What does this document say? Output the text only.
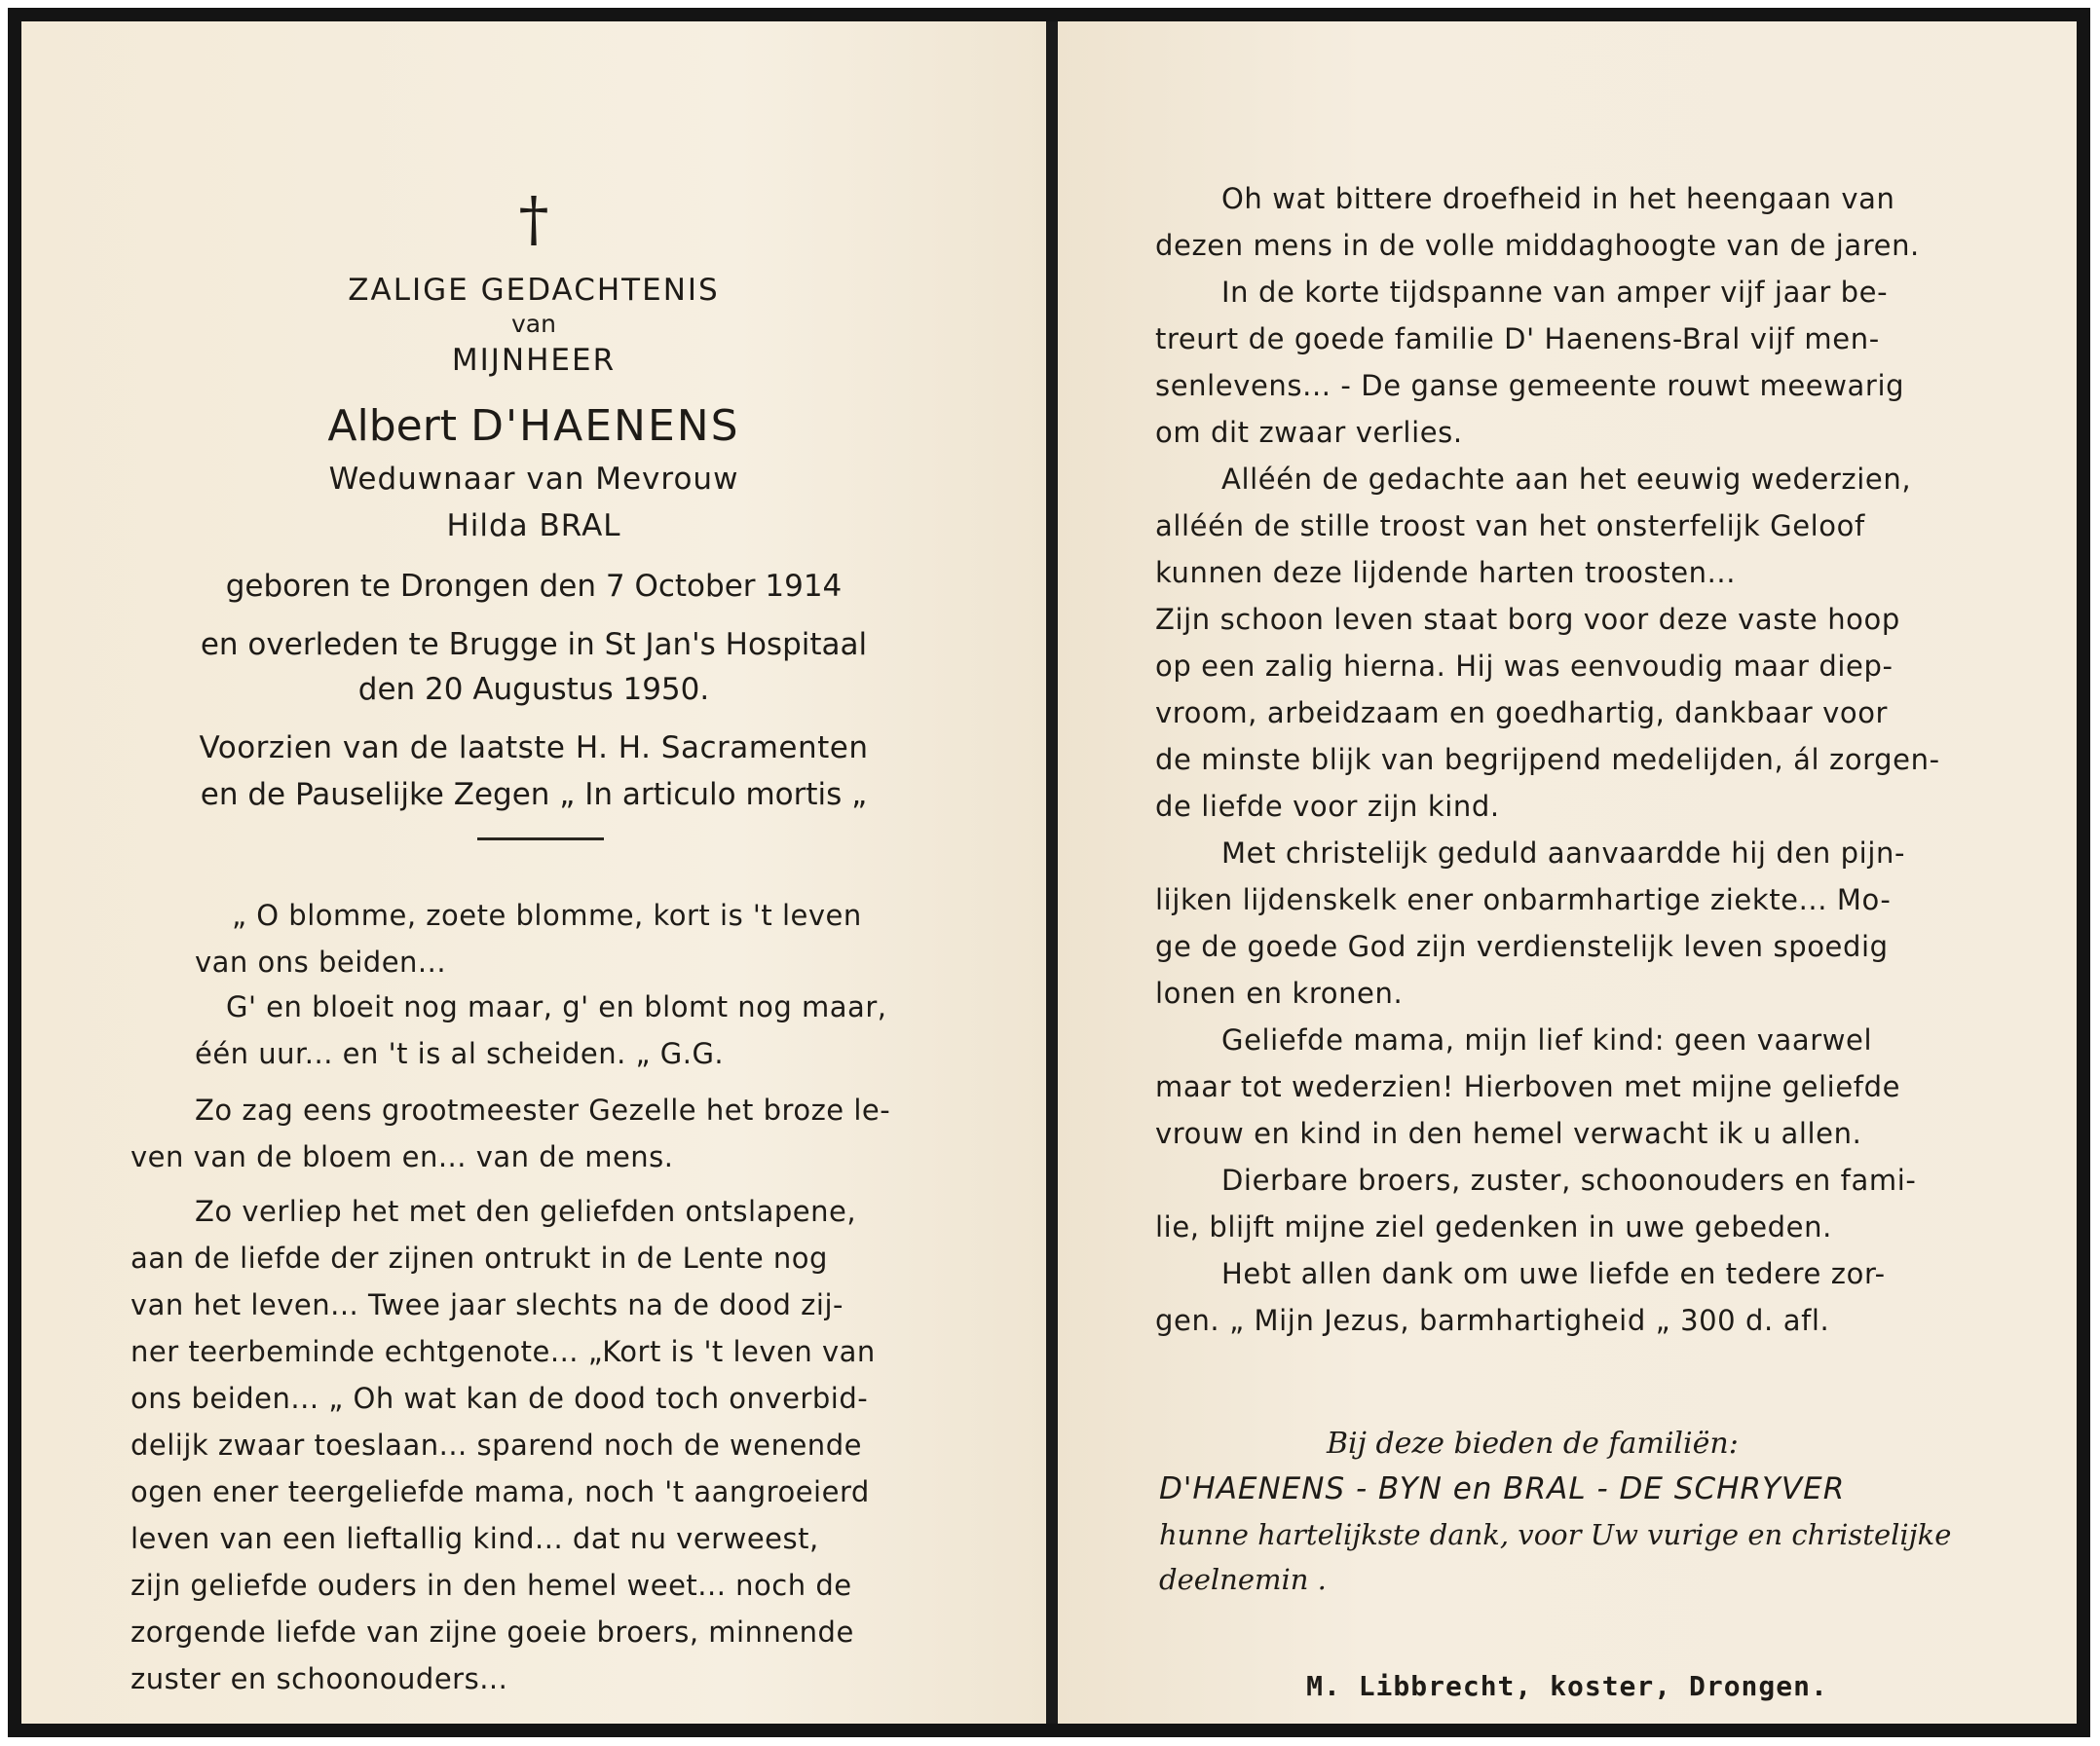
†
ZALIGE GEDACHTENIS
van
MIJNHEER
Albert D'HAENENS
Weduwnaar van Mevrouw
Hilda BRAL
geboren te Drongen den 7 October 1914
en overleden te Brugge in St Jan's Hospitaal
den 20 Augustus 1950.
Voorzien van de laatste H. H. Sacramenten
en de Pauselijke Zegen „ In articulo mortis „
„ O blomme, zoete blomme, kort is 't leven
van ons beiden...
G' en bloeit nog maar, g' en blomt nog maar,
één uur... en 't is al scheiden. „ G.G.
Zo zag eens grootmeester Gezelle het broze le-
ven van de bloem en... van de mens.
Zo verliep het met den geliefden ontslapene,
aan de liefde der zijnen ontrukt in de Lente nog
van het leven... Twee jaar slechts na de dood zij-
ner teerbeminde echtgenote... „Kort is 't leven van
ons beiden... „ Oh wat kan de dood toch onverbid-
delijk zwaar toeslaan... sparend noch de wenende
ogen ener teergeliefde mama, noch 't aangroeierd
leven van een lieftallig kind... dat nu verweest,
zijn geliefde ouders in den hemel weet... noch de
zorgende liefde van zijne goeie broers, minnende
zuster en schoonouders...
Oh wat bittere droefheid in het heengaan van
dezen mens in de volle middaghoogte van de jaren.
In de korte tijdspanne van amper vijf jaar be-
treurt de goede familie D' Haenens-Bral vijf men-
senlevens... - De ganse gemeente rouwt meewarig
om dit zwaar verlies.
Alléén de gedachte aan het eeuwig wederzien,
alléén de stille troost van het onsterfelijk Geloof
kunnen deze lijdende harten troosten...
Zijn schoon leven staat borg voor deze vaste hoop
op een zalig hierna. Hij was eenvoudig maar diep-
vroom, arbeidzaam en goedhartig, dankbaar voor
de minste blijk van begrijpend medelijden, ál zorgen-
de liefde voor zijn kind.
Met christelijk geduld aanvaardde hij den pijn-
lijken lijdenskelk ener onbarmhartige ziekte... Mo-
ge de goede God zijn verdienstelijk leven spoedig
lonen en kronen.
Geliefde mama, mijn lief kind: geen vaarwel
maar tot wederzien! Hierboven met mijne geliefde
vrouw en kind in den hemel verwacht ik u allen.
Dierbare broers, zuster, schoonouders en fami-
lie, blijft mijne ziel gedenken in uwe gebeden.
Hebt allen dank om uwe liefde en tedere zor-
gen. „ Mijn Jezus, barmhartigheid „ 300 d. afl.
Bij deze bieden de familiën:
D'HAENENS - BYN en BRAL - DE SCHRYVER
hunne hartelijkste dank, voor Uw vurige en christelijke
deelnemin .
M. Libbrecht, koster, Drongen.
